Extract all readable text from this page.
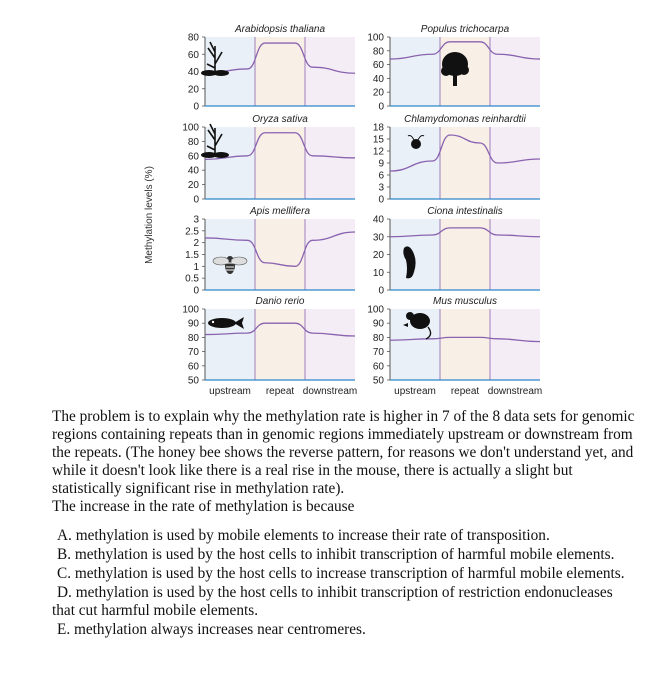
Methylation levels (%)
0
20
40
60
80
Arabidopsis thaliana
0
20
40
60
80
100
Populus trichocarpa
0
20
40
60
80
100
Oryza sativa
0
3
6
9
12
15
18
Chlamydomonas reinhardtii
0
0.5
1
1.5
2
2.5
3
Apis mellifera
0
10
20
30
40
Ciona intestinalis
50
60
70
80
90
100
Danio rerio
upstream repeat downstream
50
60
70
80
90
100
Mus musculus
upstream repeat downstream

The problem is to explain why the methylation rate is higher in 7 of the 8 data sets for genomic regions containing repeats than in genomic regions immediately upstream or downstream from the repeats. (The honey bee shows the reverse pattern, for reasons we don't understand yet, and while it doesn't look like there is a real rise in the mouse, there is actually a slight but statistically significant rise in methylation rate).

The increase in the rate of methylation is because

A. methylation is used by mobile elements to increase their rate of transposition.

B. methylation is used by the host cells to inhibit transcription of harmful mobile elements.

C. methylation is used by the host cells to increase transcription of harmful mobile elements.

D. methylation is used by the host cells to inhibit transcription of restriction endonucleases that cut harmful mobile elements.

E. methylation always increases near centromeres.
